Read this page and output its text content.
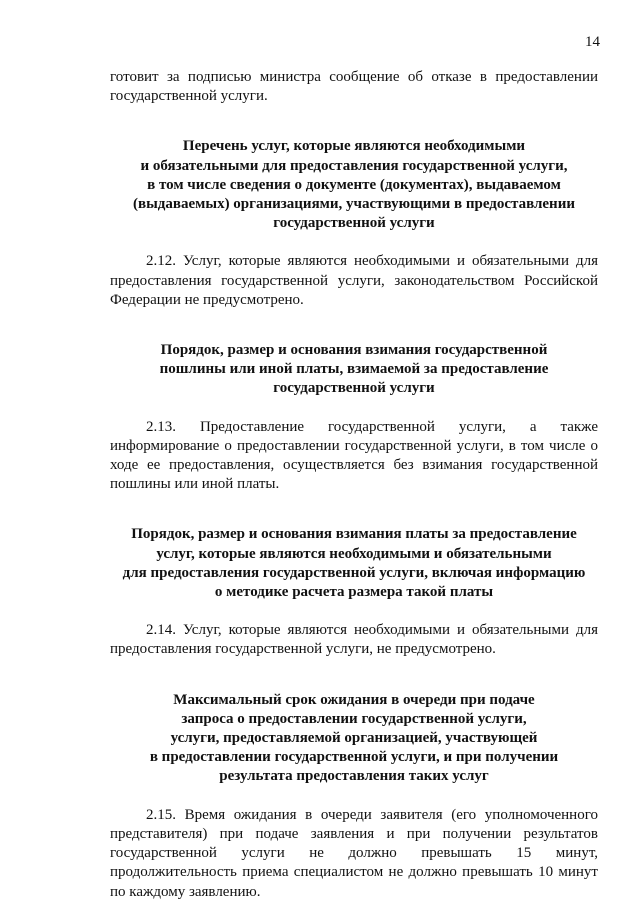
14

готовит за подписью министра сообщение об отказе в предоставлении государственной услуги.

Перечень услуг, которые являются необходимыми
и обязательными для предоставления государственной услуги,
в том числе сведения о документе (документах), выдаваемом
(выдаваемых) организациями, участвующими в предоставлении
государственной услуги

2.12. Услуг, которые являются необходимыми и обязательными для предоставления государственной услуги, законодательством Российской Федерации не предусмотрено.

Порядок, размер и основания взимания государственной
пошлины или иной платы, взимаемой за предоставление
государственной услуги

2.13. Предоставление государственной услуги, а также информирование о предоставлении государственной услуги, в том числе о ходе ее предоставления, осуществляется без взимания государственной пошлины или иной платы.

Порядок, размер и основания взимания платы за предоставление
услуг, которые являются необходимыми и обязательными
для предоставления государственной услуги, включая информацию
о методике расчета размера такой платы

2.14. Услуг, которые являются необходимыми и обязательными для предоставления государственной услуги, не предусмотрено.

Максимальный срок ожидания в очереди при подаче
запроса о предоставлении государственной услуги,
услуги, предоставляемой организацией, участвующей
в предоставлении государственной услуги, и при получении
результата предоставления таких услуг

2.15. Время ожидания в очереди заявителя (его уполномоченного представителя) при подаче заявления и при получении результатов государственной услуги не должно превышать 15 минут, продолжительность приема специалистом не должно превышать 10 минут по каждому заявлению.
